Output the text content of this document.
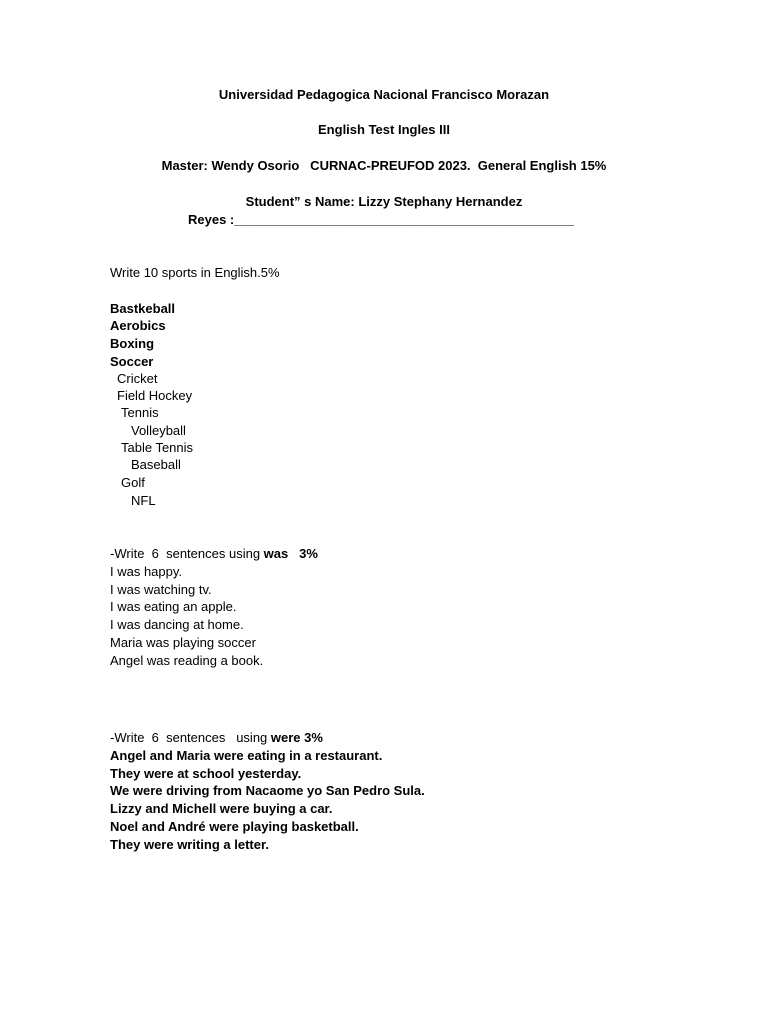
Universidad Pedagogica Nacional Francisco Morazan
English Test Ingles III
Master: Wendy Osorio   CURNAC-PREUFOD 2023.  General English 15%
Student” s Name: Lizzy Stephany Hernandez
Reyes :_______________________________________________
Write 10 sports in English.5%
Bastkeball
Aerobics
Boxing
Soccer
Cricket
Field Hockey
Tennis
Volleyball
Table Tennis
Baseball
Golf
NFL
-Write  6  sentences using was 3%
I was happy.
I was watching tv.
I was eating an apple.
I was dancing at home.
Maria was playing soccer
Angel was reading a book.
-Write  6  sentences   using were 3%
Angel and Maria were eating in a restaurant.
They were at school yesterday.
We were driving from Nacaome yo San Pedro Sula.
Lizzy and Michell were buying a car.
Noel and André were playing basketball.
They were writing a letter.
